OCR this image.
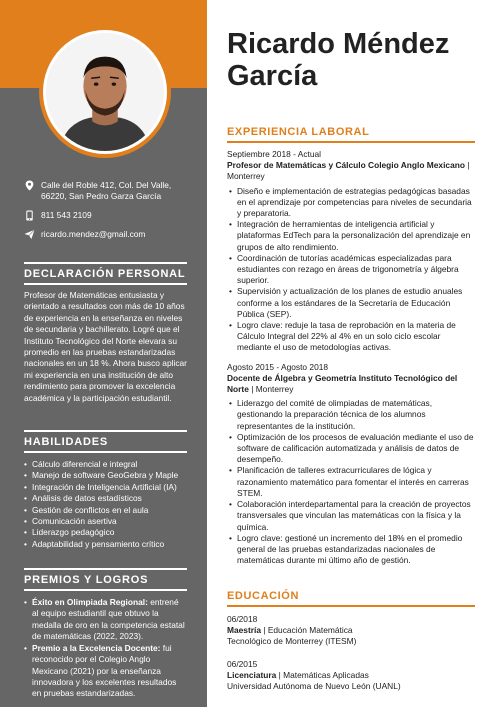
Calle del Roble 412, Col. Del Valle, 66220, San Pedro Garza García
811 543 2109
ricardo.mendez@gmail.com
DECLARACIÓN PERSONAL
Profesor de Matemáticas entusiasta y orientado a resultados con más de 10 años de experiencia en la enseñanza en niveles de secundaria y bachillerato. Logré que el Instituto Tecnológico del Norte elevara su promedio en las pruebas estandarizadas nacionales en un 18 %. Ahora busco aplicar mi experiencia en una institución de alto rendimiento para promover la excelencia académica y la participación estudiantil.
HABILIDADES
• Cálculo diferencial e integral
• Manejo de software GeoGebra y Maple
• Integración de Inteligencia Artificial (IA)
• Análisis de datos estadísticos
• Gestión de conflictos en el aula
• Comunicación asertiva
• Liderazgo pedagógico
• Adaptabilidad y pensamiento crítico
PREMIOS Y LOGROS
• Éxito en Olimpiada Regional: entrené al equipo estudiantil que obtuvo la medalla de oro en la competencia estatal de matemáticas (2022, 2023).
• Premio a la Excelencia Docente: fui reconocido por el Colegio Anglo Mexicano (2021) por la enseñanza innovadora y los excelentes resultados en pruebas estandarizadas.
Ricardo Méndez
García
EXPERIENCIA LABORAL
Septiembre 2018 - Actual
Profesor de Matemáticas y Cálculo Colegio Anglo Mexicano | Monterrey
• Diseño e implementación de estrategias pedagógicas basadas en el aprendizaje por competencias para niveles de secundaria y preparatoria.
• Integración de herramientas de inteligencia artificial y plataformas EdTech para la personalización del aprendizaje en grupos de alto rendimiento.
• Coordinación de tutorías académicas especializadas para estudiantes con rezago en áreas de trigonometría y álgebra superior.
• Supervisión y actualización de los planes de estudio anuales conforme a los estándares de la Secretaría de Educación Pública (SEP).
• Logro clave: reduje la tasa de reprobación en la materia de Cálculo Integral del 22% al 4% en un solo ciclo escolar mediante el uso de metodologías activas.
Agosto 2015 - Agosto 2018
Docente de Álgebra y Geometría Instituto Tecnológico del Norte | Monterrey
• Liderazgo del comité de olimpiadas de matemáticas, gestionando la preparación técnica de los alumnos representantes de la institución.
• Optimización de los procesos de evaluación mediante el uso de software de calificación automatizada y análisis de datos de desempeño.
• Planificación de talleres extracurriculares de lógica y razonamiento matemático para fomentar el interés en carreras STEM.
• Colaboración interdepartamental para la creación de proyectos transversales que vinculan las matemáticas con la física y la química.
• Logro clave: gestioné un incremento del 18% en el promedio general de las pruebas estandarizadas nacionales de matemáticas durante mi último año de gestión.
EDUCACIÓN
06/2018
Maestría | Educación Matemática
Tecnológico de Monterrey (ITESM)
06/2015
Licenciatura | Matemáticas Aplicadas
Universidad Autónoma de Nuevo León (UANL)
